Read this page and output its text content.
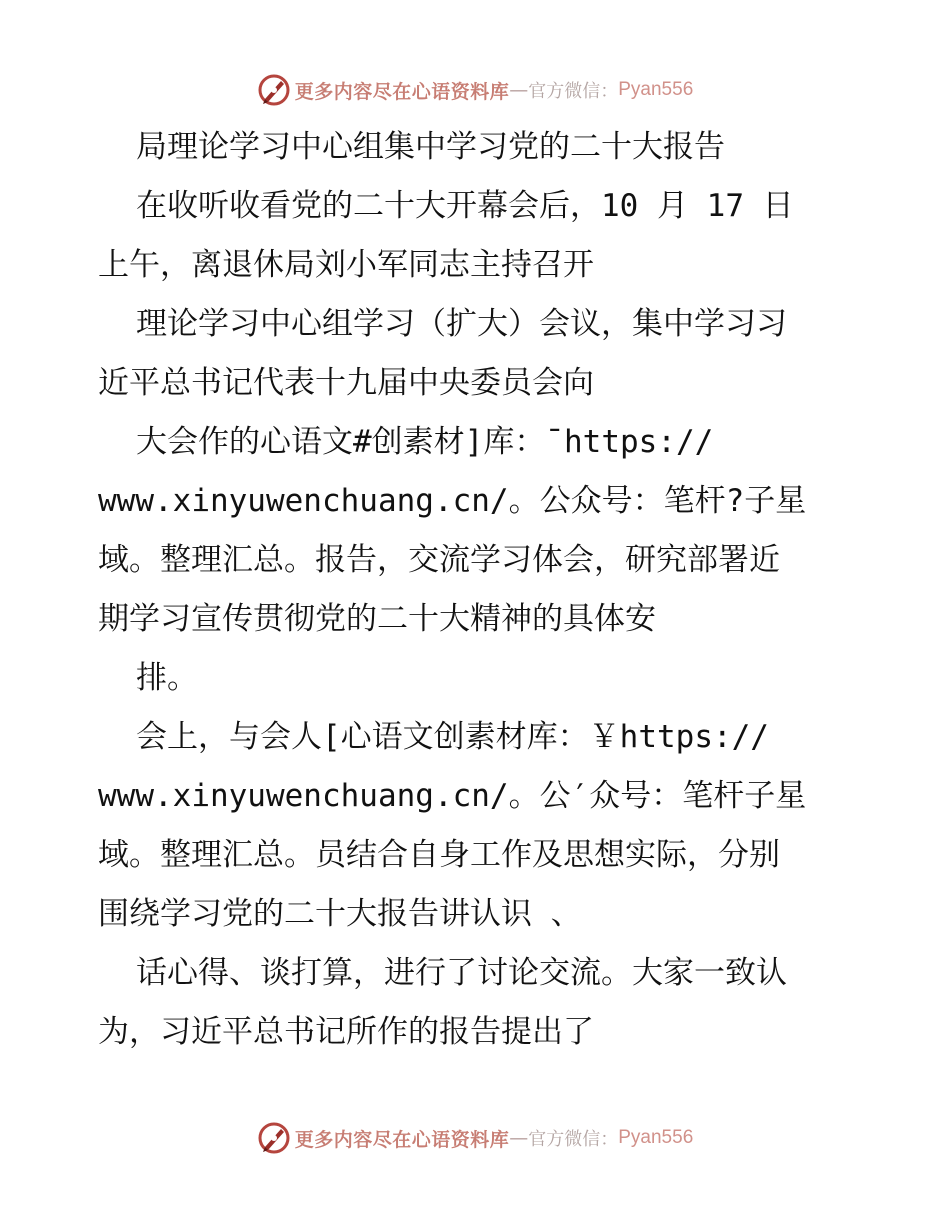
更多内容尽在心语资料库 — 官方微信： Pyan556
局理论学习中心组集中学习党的二十大报告
在收听收看党的二十大开幕会后，10 月 17 日
上午，离退休局刘小军同志主持召开
理论学习中心组学习（扩大）会议，集中学习习
近平总书记代表十九届中央委员会向
大会作的心语文#创素材]库：¯https://
www.xinyuwenchuang.cn/。公众号：笔杆?子星
域。整理汇总。报告，交流学习体会，研究部署近
期学习宣传贯彻党的二十大精神的具体安
排。
会上，与会人[心语文创素材库：￥https://
www.xinyuwenchuang.cn/。公′众号：笔杆子星
域。整理汇总。员结合自身工作及思想实际，分别
围绕学习党的二十大报告讲认识 、
话心得、谈打算，进行了讨论交流。大家一致认
为，习近平总书记所作的报告提出了
更多内容尽在心语资料库 — 官方微信： Pyan556
